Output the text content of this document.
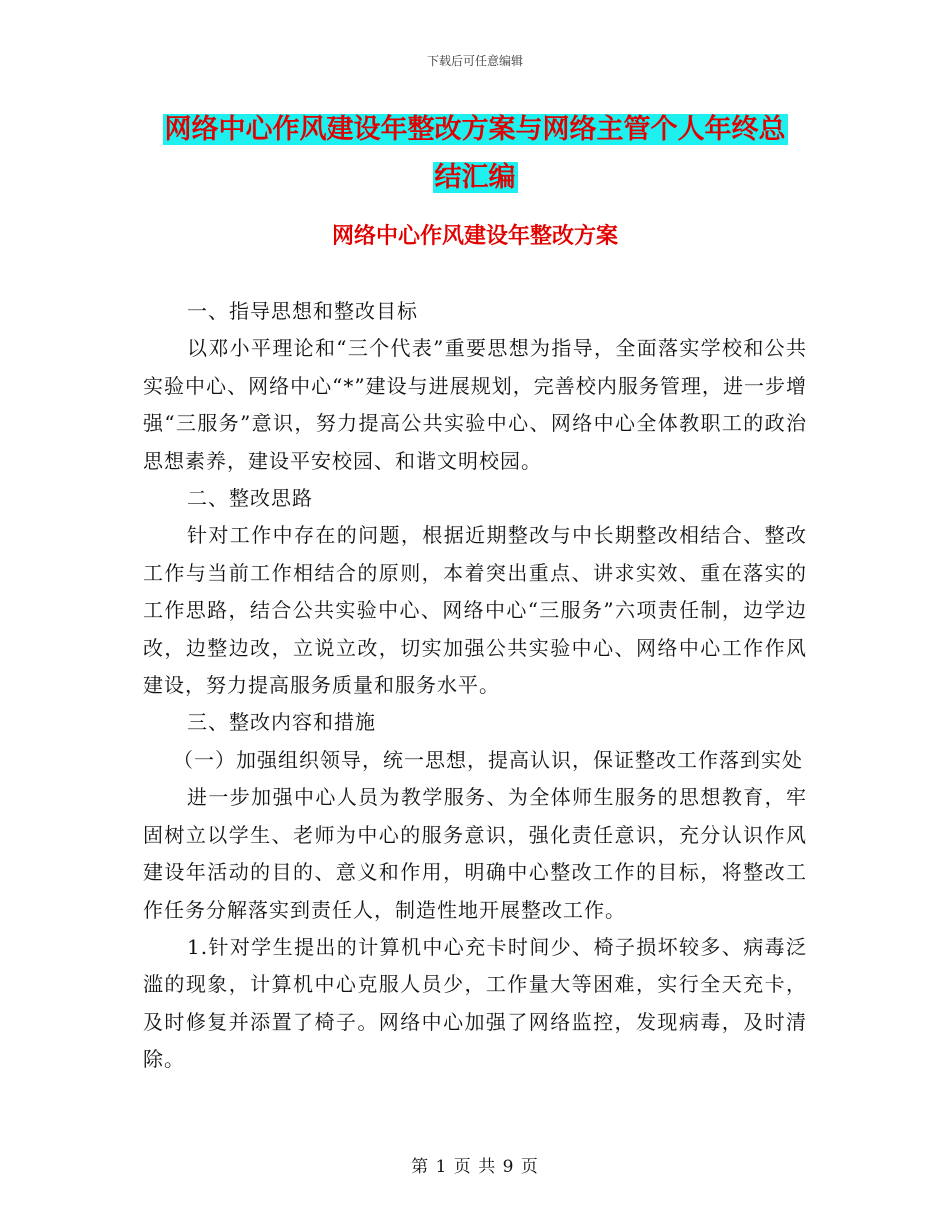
下载后可任意编辑
网络中心作风建设年整改方案与网络主管个人年终总
结汇编
网络中心作风建设年整改方案

一、指导思想和整改目标

以邓小平理论和“三个代表”重要思想为指导，全面落实学校和公共实验中心、网络中心“*”建设与进展规划，完善校内服务管理，进一步增强“三服务”意识，努力提高公共实验中心、网络中心全体教职工的政治思想素养，建设平安校园、和谐文明校园。

二、整改思路

针对工作中存在的问题，根据近期整改与中长期整改相结合、整改工作与当前工作相结合的原则，本着突出重点、讲求实效、重在落实的工作思路，结合公共实验中心、网络中心“三服务”六项责任制，边学边改，边整边改，立说立改，切实加强公共实验中心、网络中心工作作风建设，努力提高服务质量和服务水平。

三、整改内容和措施

（一）加强组织领导，统一思想，提高认识，保证整改工作落到实处

进一步加强中心人员为教学服务、为全体师生服务的思想教育，牢固树立以学生、老师为中心的服务意识，强化责任意识，充分认识作风建设年活动的目的、意义和作用，明确中心整改工作的目标，将整改工作任务分解落实到责任人，制造性地开展整改工作。

1.针对学生提出的计算机中心充卡时间少、椅子损坏较多、病毒泛滥的现象，计算机中心克服人员少，工作量大等困难，实行全天充卡，及时修复并添置了椅子。网络中心加强了网络监控，发现病毒，及时清除。

第 1 页 共 9 页
